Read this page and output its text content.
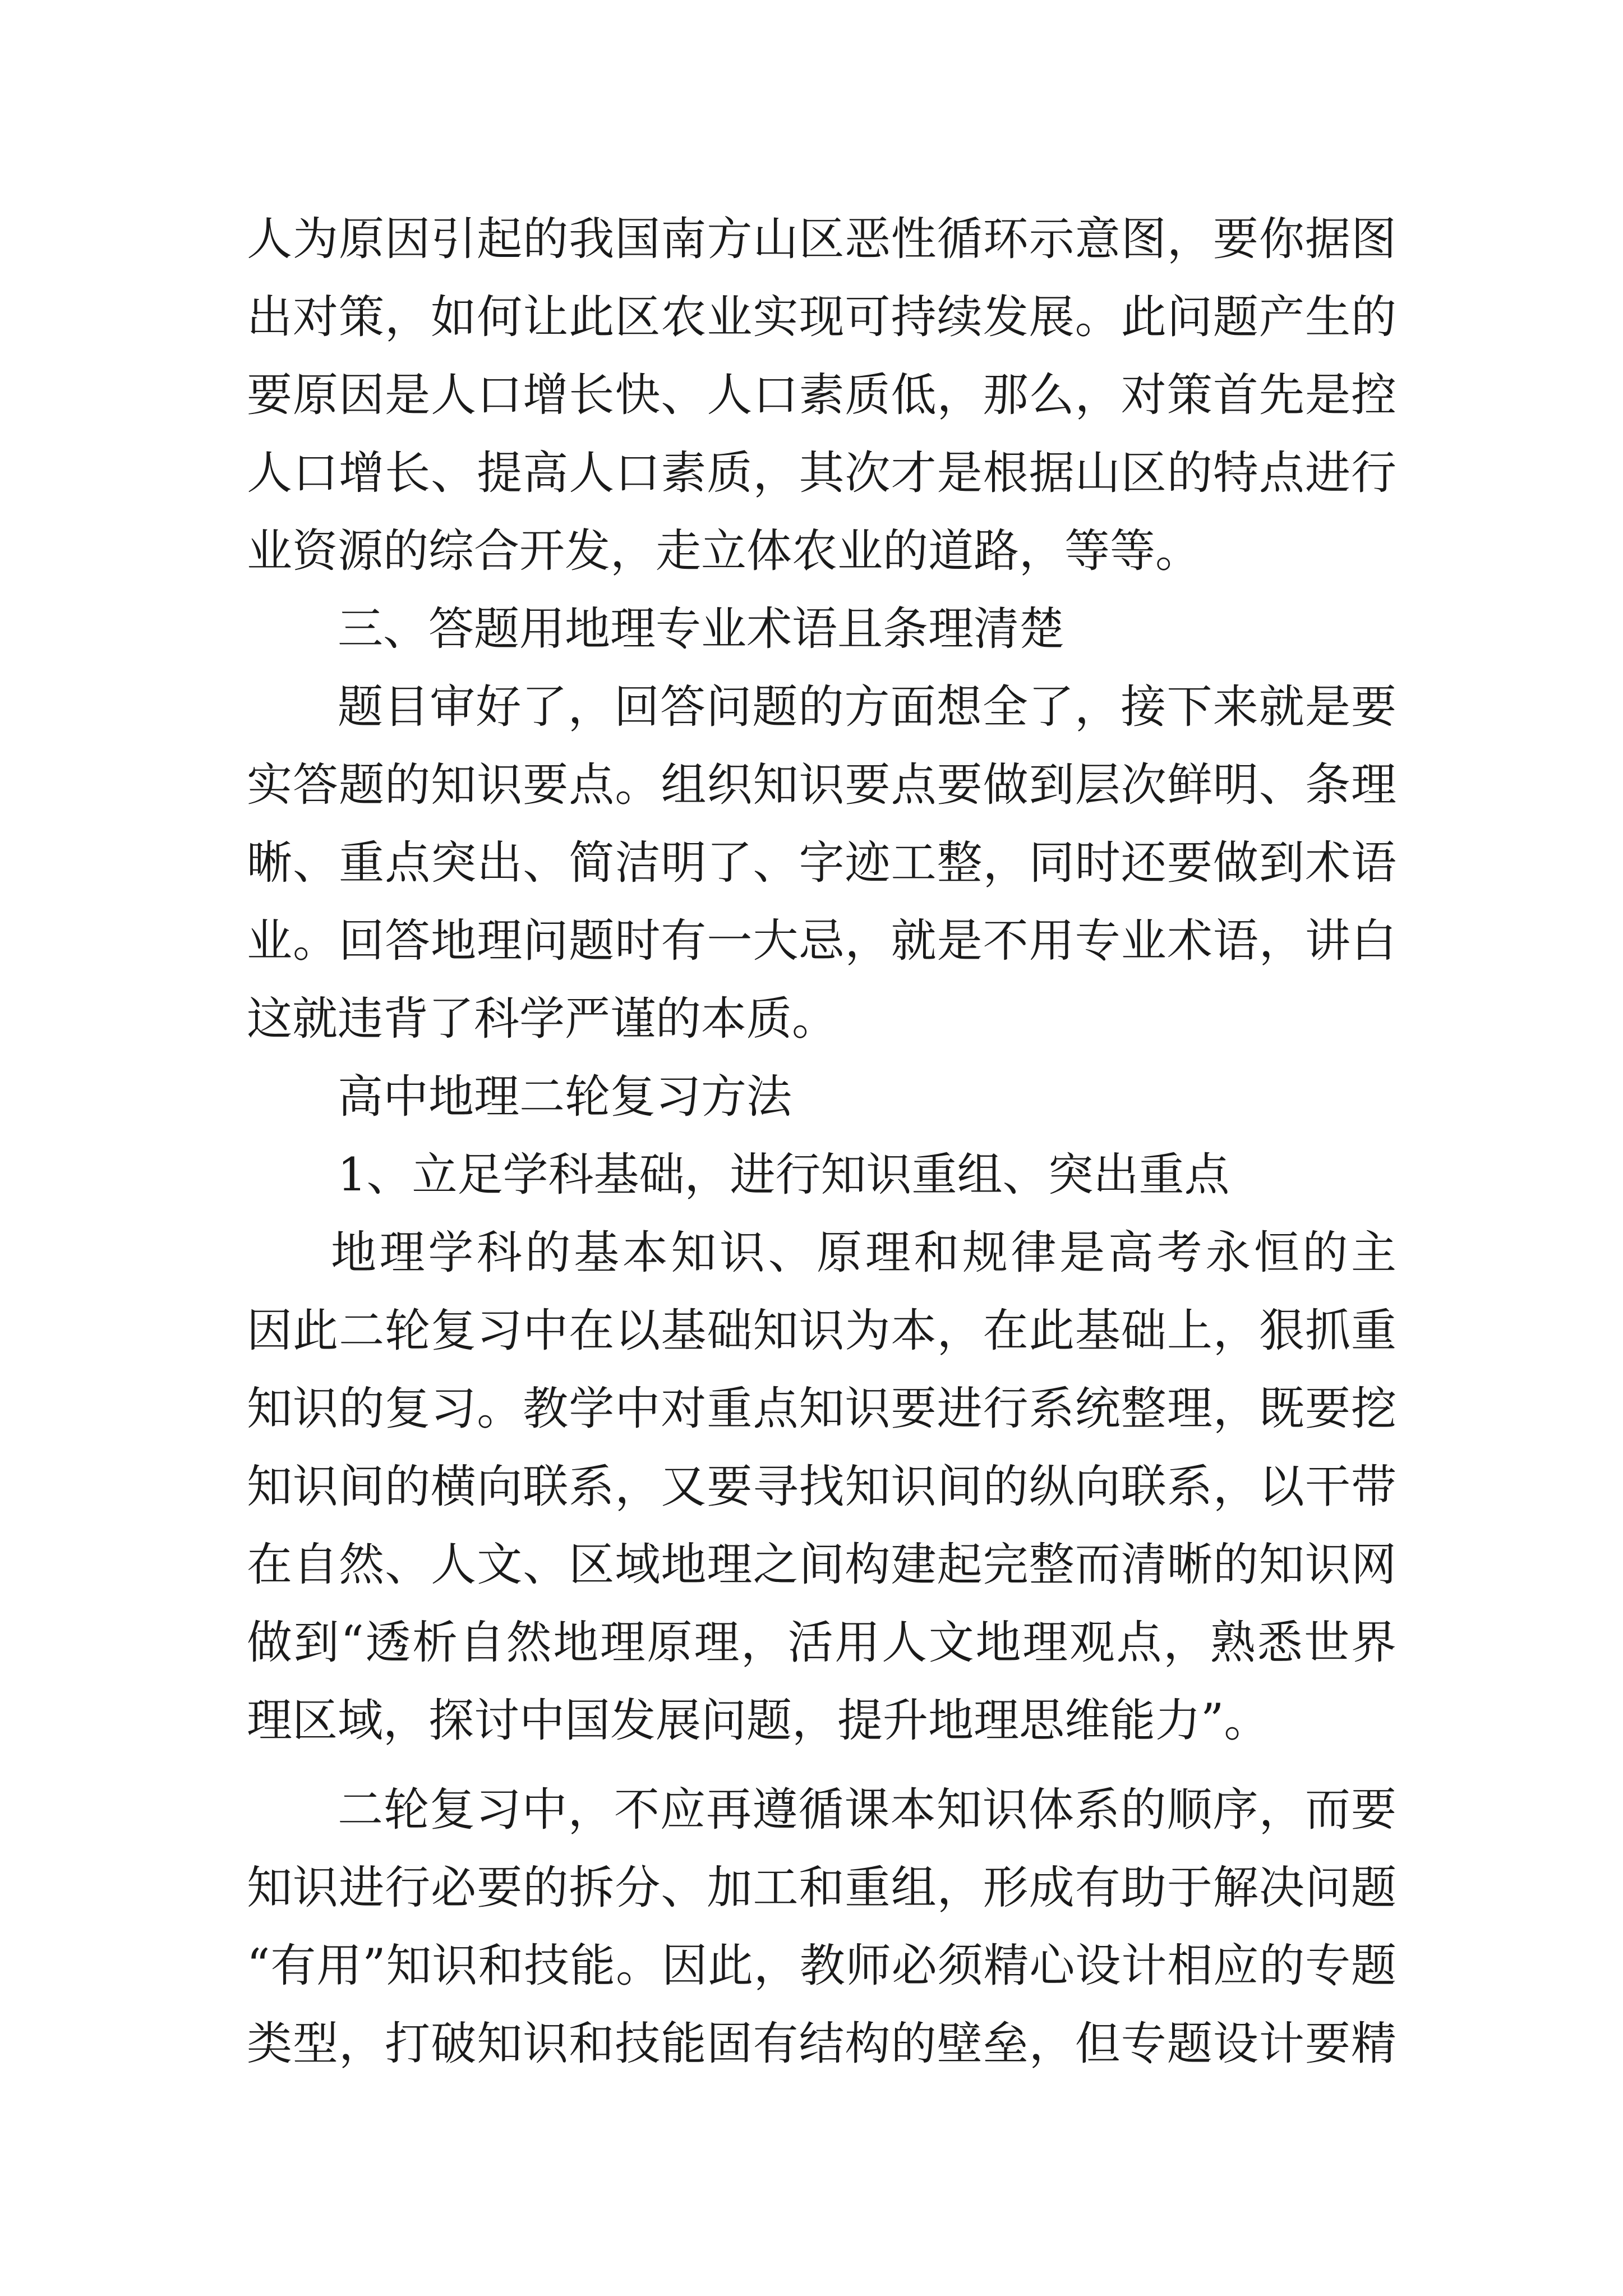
人为原因引起的我国南方山区恶性循环示意图，要你据图
出对策，如何让此区农业实现可持续发展。此问题产生的
要原因是人口增长快、人口素质低，那么，对策首先是控
人口增长、提高人口素质，其次才是根据山区的特点进行
业资源的综合开发，走立体农业的道路，等等。
三、答题用地理专业术语且条理清楚
题目审好了，回答问题的方面想全了，接下来就是要
实答题的知识要点。组织知识要点要做到层次鲜明、条理
晰、重点突出、简洁明了、字迹工整，同时还要做到术语
业。回答地理问题时有一大忌，就是不用专业术语，讲白
这就违背了科学严谨的本质。
高中地理二轮复习方法
1、立足学科基础，进行知识重组、突出重点
地理学科的基本知识、原理和规律是高考永恒的主
因此二轮复习中在以基础知识为本，在此基础上，狠抓重
知识的复习。教学中对重点知识要进行系统整理，既要挖
知识间的横向联系，又要寻找知识间的纵向联系，以干带
在自然、人文、区域地理之间构建起完整而清晰的知识网
做到“透析自然地理原理，活用人文地理观点，熟悉世界
理区域，探讨中国发展问题，提升地理思维能力”。
二轮复习中，不应再遵循课本知识体系的顺序，而要
知识进行必要的拆分、加工和重组，形成有助于解决问题
“有用”知识和技能。因此，教师必须精心设计相应的专题
类型，打破知识和技能固有结构的壁垒，但专题设计要精
